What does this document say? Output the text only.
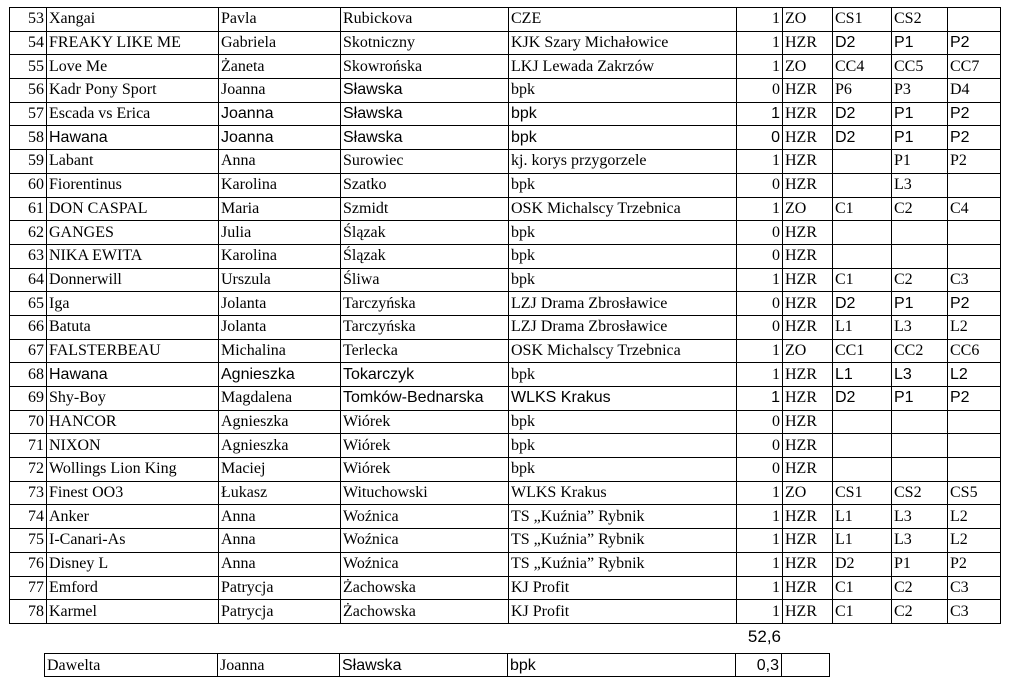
53	Xangai	Pavla	Rubickova	CZE	1	ZO	CS1	CS2	
54	FREAKY LIKE ME	Gabriela	Skotniczny	KJK Szary Michałowice	1	HZR	D2	P1	P2
55	Love Me	Żaneta	Skowrońska	LKJ Lewada Zakrzów	1	ZO	CC4	CC5	CC7
56	Kadr Pony Sport	Joanna	Sławska	bpk	0	HZR	P6	P3	D4
57	Escada vs Erica	Joanna	Sławska	bpk	1	HZR	D2	P1	P2
58	Hawana	Joanna	Sławska	bpk	0	HZR	D2	P1	P2
59	Labant	Anna	Surowiec	kj. korys przygorzele	1	HZR		P1	P2
60	Fiorentinus	Karolina	Szatko	bpk	0	HZR		L3	
61	DON CASPAL	Maria	Szmidt	OSK Michalscy Trzebnica	1	ZO	C1	C2	C4
62	GANGES	Julia	Ślązak	bpk	0	HZR			
63	NIKA EWITA	Karolina	Ślązak	bpk	0	HZR			
64	Donnerwill	Urszula	Śliwa	bpk	1	HZR	C1	C2	C3
65	Iga	Jolanta	Tarczyńska	LZJ Drama Zbrosławice	0	HZR	D2	P1	P2
66	Batuta	Jolanta	Tarczyńska	LZJ Drama Zbrosławice	0	HZR	L1	L3	L2
67	FALSTERBEAU	Michalina	Terlecka	OSK Michalscy Trzebnica	1	ZO	CC1	CC2	CC6
68	Hawana	Agnieszka	Tokarczyk	bpk	1	HZR	L1	L3	L2
69	Shy-Boy	Magdalena	Tomków-Bednarska	WLKS Krakus	1	HZR	D2	P1	P2
70	HANCOR	Agnieszka	Wiórek	bpk	0	HZR			
71	NIXON	Agnieszka	Wiórek	bpk	0	HZR			
72	Wollings Lion King	Maciej	Wiórek	bpk	0	HZR			
73	Finest OO3	Łukasz	Wituchowski	WLKS Krakus	1	ZO	CS1	CS2	CS5
74	Anker	Anna	Woźnica	TS „Kuźnia” Rybnik	1	HZR	L1	L3	L2
75	I-Canari-As	Anna	Woźnica	TS „Kuźnia” Rybnik	1	HZR	L1	L3	L2
76	Disney L	Anna	Woźnica	TS „Kuźnia” Rybnik	1	HZR	D2	P1	P2
77	Emford	Patrycja	Żachowska	KJ Profit	1	HZR	C1	C2	C3
78	Karmel	Patrycja	Żachowska	KJ Profit	1	HZR	C1	C2	C3
52,6
Dawelta	Joanna	Sławska	bpk	0,3	
